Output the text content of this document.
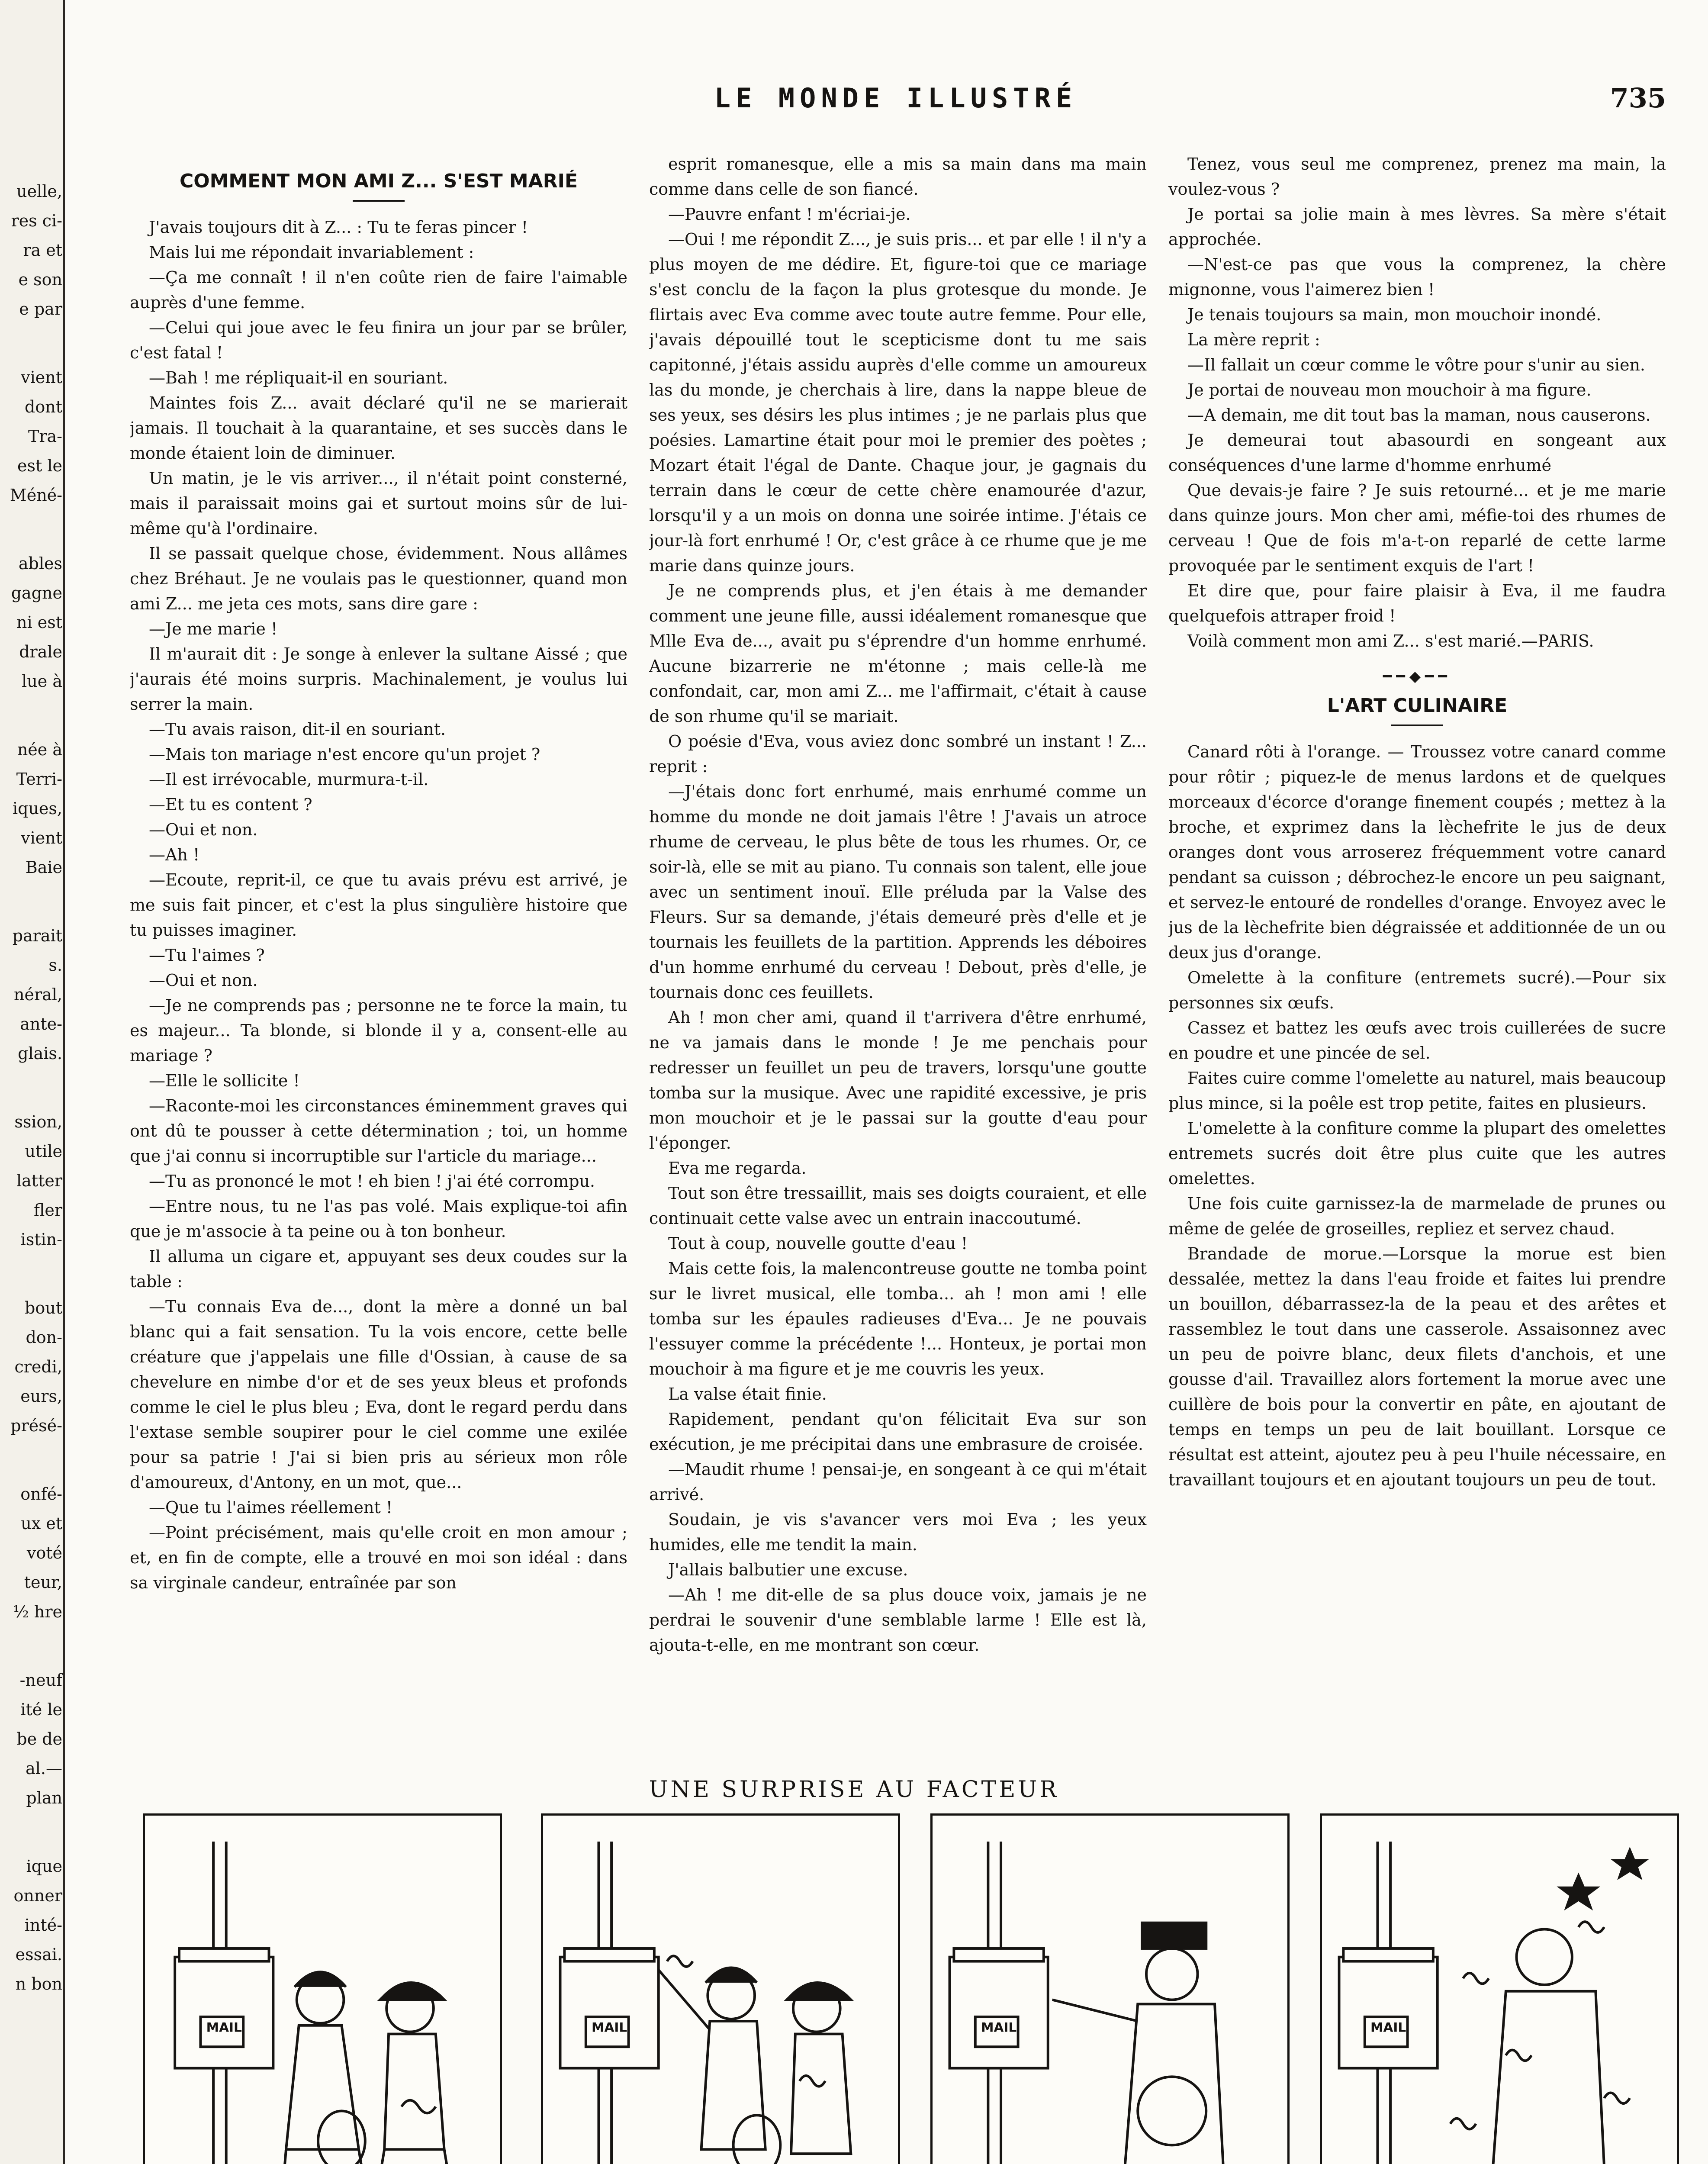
uelle,

res ci-

ra et

e son

e par

vient

dont

Tra-

est le

Méné-

ables

gagne

ni est

drale

lue à

née à

Terri-

iques,

vient

Baie

parait

s.

néral,

ante-

glais.

ssion,

utile

latter

fler

istin-

bout

don-

credi,

eurs,

présé-

onfé-

ux et

voté

teur,

½ hre

-neuf

ité le

be de

al.—

plan

ique

onner

inté-

essai.

n bon

LE MONDE ILLUSTRÉ	735

COMMENT MON AMI Z... S'EST MARIÉ

J'avais toujours dit à Z... : Tu te feras pincer !

Mais lui me répondait invariablement :

—Ça me connaît ! il n'en coûte rien de faire l'aimable auprès d'une femme.

—Celui qui joue avec le feu finira un jour par se brûler, c'est fatal !

—Bah ! me répliquait-il en souriant.

Maintes fois Z... avait déclaré qu'il ne se marierait jamais. Il touchait à la quarantaine, et ses succès dans le monde étaient loin de diminuer.

Un matin, je le vis arriver..., il n'était point consterné, mais il paraissait moins gai et surtout moins sûr de lui-même qu'à l'ordinaire.

Il se passait quelque chose, évidemment. Nous allâmes chez Bréhaut. Je ne voulais pas le questionner, quand mon ami Z... me jeta ces mots, sans dire gare :

—Je me marie !

Il m'aurait dit : Je songe à enlever la sultane Aissé ; que j'aurais été moins surpris. Machinalement, je voulus lui serrer la main.

—Tu avais raison, dit-il en souriant.

—Mais ton mariage n'est encore qu'un projet ?

—Il est irrévocable, murmura-t-il.

—Et tu es content ?

—Oui et non.

—Ah !

—Ecoute, reprit-il, ce que tu avais prévu est arrivé, je me suis fait pincer, et c'est la plus singulière histoire que tu puisses imaginer.

—Tu l'aimes ?

—Oui et non.

—Je ne comprends pas ; personne ne te force la main, tu es majeur... Ta blonde, si blonde il y a, consent-elle au mariage ?

—Elle le sollicite !

—Raconte-moi les circonstances éminemment graves qui ont dû te pousser à cette détermination ; toi, un homme que j'ai connu si incorruptible sur l'article du mariage...

—Tu as prononcé le mot ! eh bien ! j'ai été corrompu.

—Entre nous, tu ne l'as pas volé. Mais explique-toi afin que je m'associe à ta peine ou à ton bonheur.

Il alluma un cigare et, appuyant ses deux coudes sur la table :

—Tu connais Eva de..., dont la mère a donné un bal blanc qui a fait sensation. Tu la vois encore, cette belle créature que j'appelais une fille d'Ossian, à cause de sa chevelure en nimbe d'or et de ses yeux bleus et profonds comme le ciel le plus bleu ; Eva, dont le regard perdu dans l'extase semble soupirer pour le ciel comme une exilée pour sa patrie ! J'ai si bien pris au sérieux mon rôle d'amoureux, d'Antony, en un mot, que...

—Que tu l'aimes réellement !

—Point précisément, mais qu'elle croit en mon amour ; et, en fin de compte, elle a trouvé en moi son idéal : dans sa virginale candeur, entraînée par son

esprit romanesque, elle a mis sa main dans ma main comme dans celle de son fiancé.

—Pauvre enfant ! m'écriai-je.

—Oui ! me répondit Z..., je suis pris... et par elle ! il n'y a plus moyen de me dédire. Et, figure-toi que ce mariage s'est conclu de la façon la plus grotesque du monde. Je flirtais avec Eva comme avec toute autre femme. Pour elle, j'avais dépouillé tout le scepticisme dont tu me sais capitonné, j'étais assidu auprès d'elle comme un amoureux las du monde, je cherchais à lire, dans la nappe bleue de ses yeux, ses désirs les plus intimes ; je ne parlais plus que poésies. Lamartine était pour moi le premier des poètes ; Mozart était l'égal de Dante. Chaque jour, je gagnais du terrain dans le cœur de cette chère enamourée d'azur, lorsqu'il y a un mois on donna une soirée intime. J'étais ce jour-là fort enrhumé ! Or, c'est grâce à ce rhume que je me marie dans quinze jours.

Je ne comprends plus, et j'en étais à me demander comment une jeune fille, aussi idéalement romanesque que Mlle Eva de..., avait pu s'éprendre d'un homme enrhumé. Aucune bizarrerie ne m'étonne ; mais celle-là me confondait, car, mon ami Z... me l'affirmait, c'était à cause de son rhume qu'il se mariait.

O poésie d'Eva, vous aviez donc sombré un instant ! Z... reprit :

—J'étais donc fort enrhumé, mais enrhumé comme un homme du monde ne doit jamais l'être ! J'avais un atroce rhume de cerveau, le plus bête de tous les rhumes. Or, ce soir-là, elle se mit au piano. Tu connais son talent, elle joue avec un sentiment inouï. Elle préluda par la Valse des Fleurs. Sur sa demande, j'étais demeuré près d'elle et je tournais les feuillets de la partition. Apprends les déboires d'un homme enrhumé du cerveau ! Debout, près d'elle, je tournais donc ces feuillets.

Ah ! mon cher ami, quand il t'arrivera d'être enrhumé, ne va jamais dans le monde ! Je me penchais pour redresser un feuillet un peu de travers, lorsqu'une goutte tomba sur la musique. Avec une rapidité excessive, je pris mon mouchoir et je le passai sur la goutte d'eau pour l'éponger.

Eva me regarda.

Tout son être tressaillit, mais ses doigts couraient, et elle continuait cette valse avec un entrain inaccoutumé.

Tout à coup, nouvelle goutte d'eau !

Mais cette fois, la malencontreuse goutte ne tomba point sur le livret musical, elle tomba... ah ! mon ami ! elle tomba sur les épaules radieuses d'Eva... Je ne pouvais l'essuyer comme la précédente !... Honteux, je portai mon mouchoir à ma figure et je me couvris les yeux.

La valse était finie.

Rapidement, pendant qu'on félicitait Eva sur son exécution, je me précipitai dans une embrasure de croisée.

—Maudit rhume ! pensai-je, en songeant à ce qui m'était arrivé.

Soudain, je vis s'avancer vers moi Eva ; les yeux humides, elle me tendit la main.

J'allais balbutier une excuse.

—Ah ! me dit-elle de sa plus douce voix, jamais je ne perdrai le souvenir d'une semblable larme ! Elle est là, ajouta-t-elle, en me montrant son cœur.

Tenez, vous seul me comprenez, prenez ma main, la voulez-vous ?

Je portai sa jolie main à mes lèvres. Sa mère s'était approchée.

—N'est-ce pas que vous la comprenez, la chère mignonne, vous l'aimerez bien !

Je tenais toujours sa main, mon mouchoir inondé.

La mère reprit :

—Il fallait un cœur comme le vôtre pour s'unir au sien.

Je portai de nouveau mon mouchoir à ma figure.

—A demain, me dit tout bas la maman, nous causerons.

Je demeurai tout abasourdi en songeant aux conséquences d'une larme d'homme enrhumé

Que devais-je faire ? Je suis retourné... et je me marie dans quinze jours. Mon cher ami, méfie-toi des rhumes de cerveau ! Que de fois m'a-t-on reparlé de cette larme provoquée par le sentiment exquis de l'art !

Et dire que, pour faire plaisir à Eva, il me faudra quelquefois attraper froid !

Voilà comment mon ami Z... s'est marié.—PARIS.

━━◆━━

L'ART CULINAIRE

Canard rôti à l'orange. — Troussez votre canard comme pour rôtir ; piquez-le de menus lardons et de quelques morceaux d'écorce d'orange finement coupés ; mettez à la broche, et exprimez dans la lèchefrite le jus de deux oranges dont vous arroserez fréquemment votre canard pendant sa cuisson ; débrochez-le encore un peu saignant, et servez-le entouré de rondelles d'orange. Envoyez avec le jus de la lèchefrite bien dégraissée et additionnée de un ou deux jus d'orange.

Omelette à la confiture (entremets sucré).—Pour six personnes six œufs.

Cassez et battez les œufs avec trois cuillerées de sucre en poudre et une pincée de sel.

Faites cuire comme l'omelette au naturel, mais beaucoup plus mince, si la poêle est trop petite, faites en plusieurs.

L'omelette à la confiture comme la plupart des omelettes entremets sucrés doit être plus cuite que les autres omelettes.

Une fois cuite garnissez-la de marmelade de prunes ou même de gelée de groseilles, repliez et servez chaud.

Brandade de morue.—Lorsque la morue est bien dessalée, mettez la dans l'eau froide et faites lui prendre un bouillon, débarrassez-la de la peau et des arêtes et rassemblez le tout dans une casserole. Assaisonnez avec un peu de poivre blanc, deux filets d'anchois, et une gousse d'ail. Travaillez alors fortement la morue avec une cuillère de bois pour la convertir en pâte, en ajoutant de temps en temps un peu de lait bouillant. Lorsque ce résultat est atteint, ajoutez peu à peu l'huile nécessaire, en travaillant toujours et en ajoutant toujours un peu de tout.

UNE SURPRISE AU FACTEUR
MAIL	MAIL	MAIL	MAIL
